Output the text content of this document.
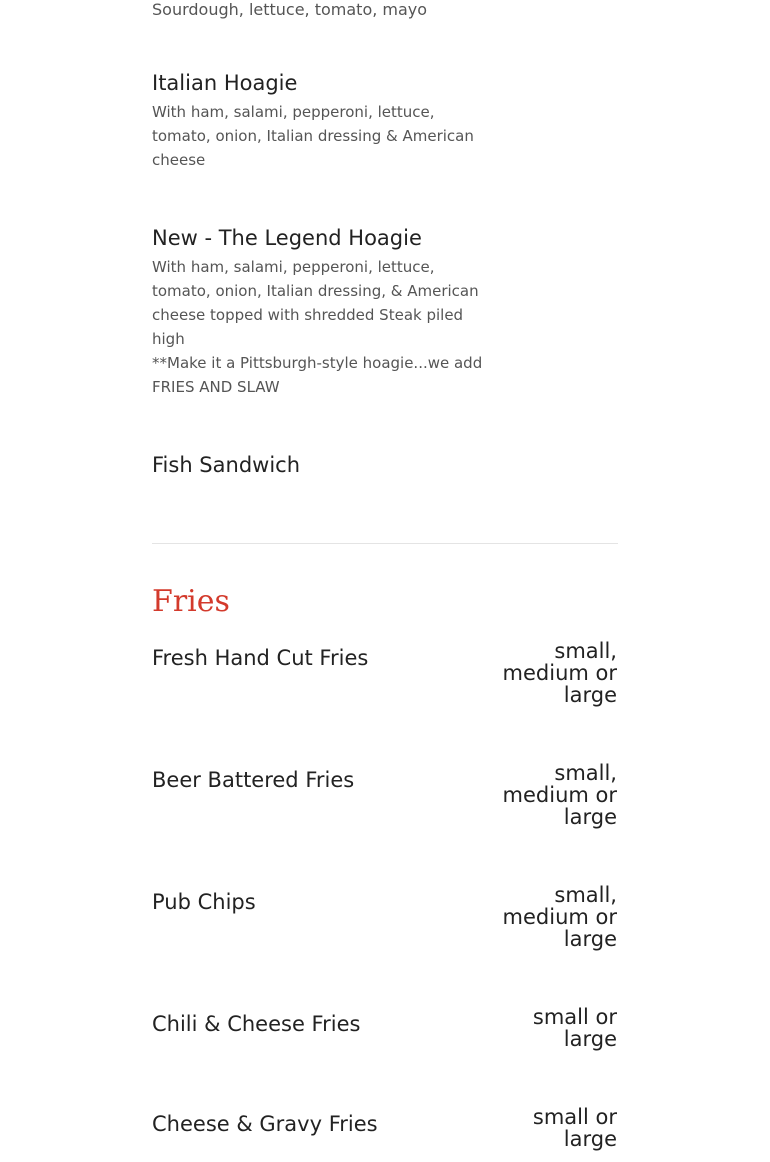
Sourdough, lettuce, tomato, mayo
Italian Hoagie
With ham, salami, pepperoni, lettuce, tomato, onion, Italian dressing & American cheese
New - The Legend Hoagie
With ham, salami, pepperoni, lettuce, tomato, onion, Italian dressing, & American cheese topped with shredded Steak piled high
**Make it a Pittsburgh-style hoagie...we add FRIES AND SLAW
Fish Sandwich
Fries
Fresh Hand Cut Fries	small, medium or large
Beer Battered Fries	small, medium or large
Pub Chips	small, medium or large
Chili & Cheese Fries	small or large
Cheese & Gravy Fries	small or large
